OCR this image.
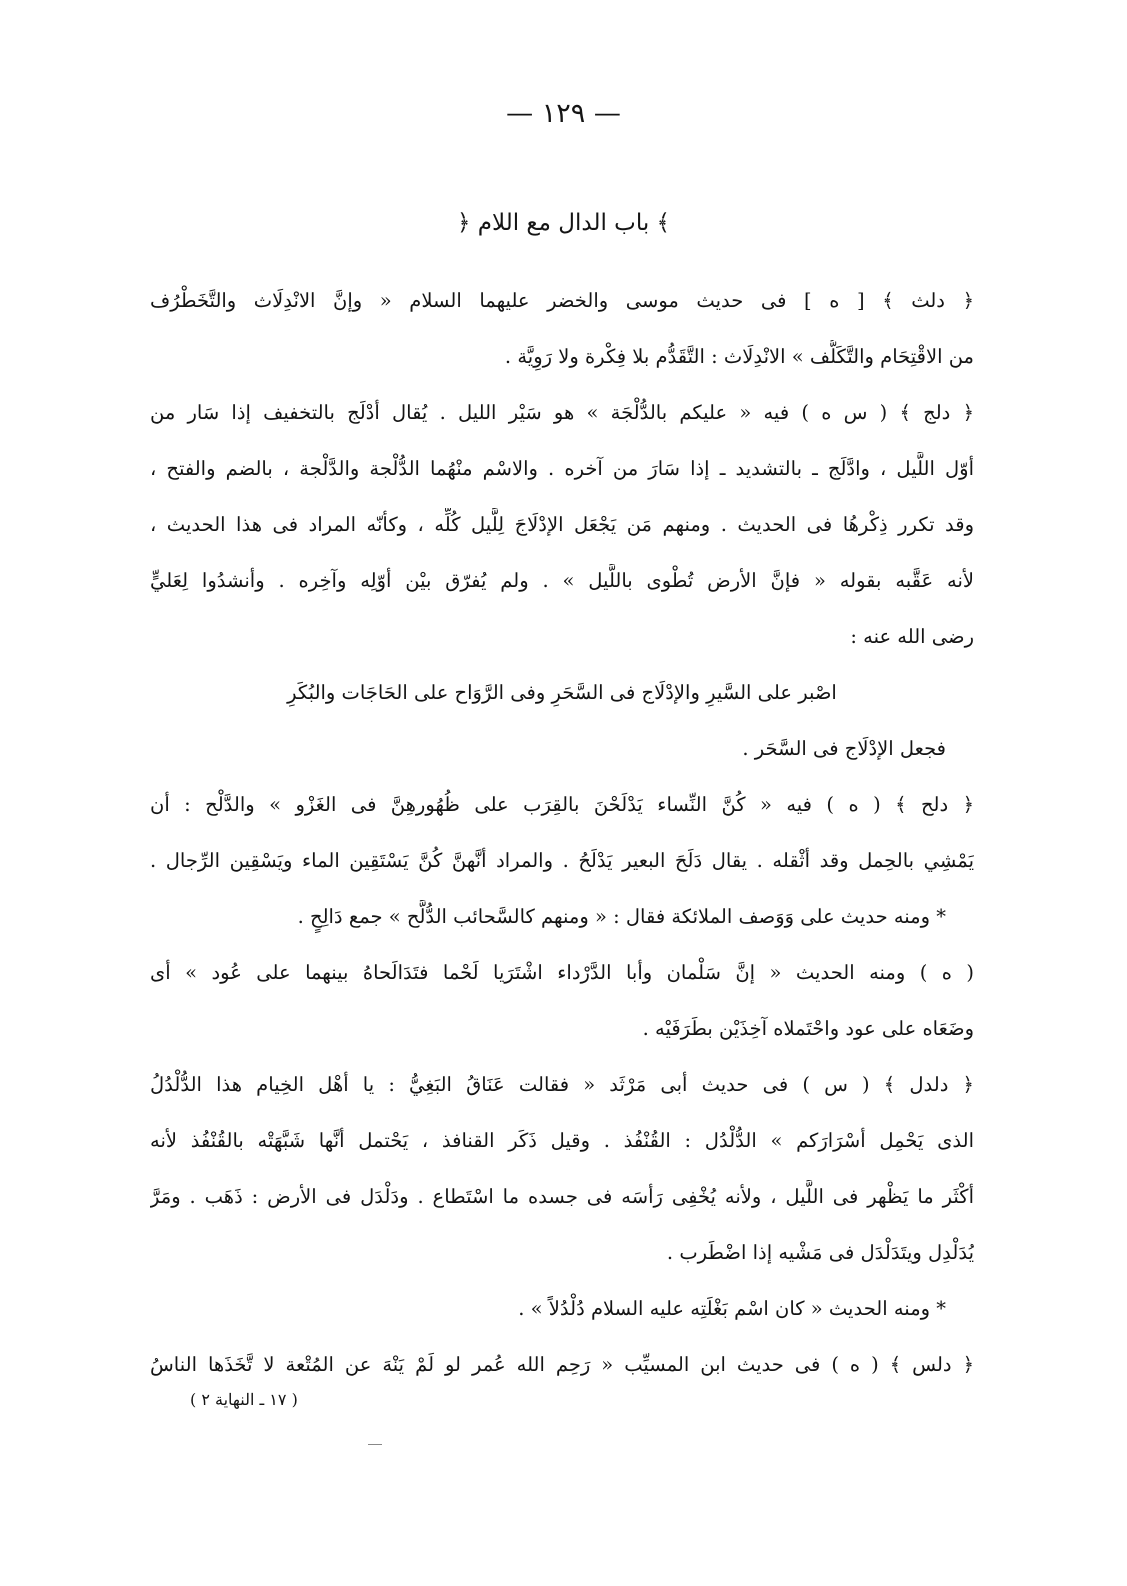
— ١٢٩ —
﴿ باب الدال مع اللام ﴾
﴿ دلث ﴾ [ ه ] فى حديث موسى والخضر عليهما السلام « وإنَّ الانْدِلَاث والتَّخَطْرُف
من الاقْتِحَام والتَّكَلُّف » الانْدِلَاث : التَّقَدُّم بلا فِكْرة ولا رَوِيَّة .
﴿ دلج ﴾ ( س ه ) فيه « عليكم بالدُّلْجَة » هو سَيْر الليل . يُقال أدْلَج بالتخفيف إذا سَار من
أوّل اللَّيل ، وادَّلَج ـ بالتشديد ـ إذا سَارَ من آخره . والاسْم منْهُما الدُّلْجة والدَّلْجة ، بالضم والفتح ،
وقد تكرر ذِكْرهُا فى الحديث . ومنهم مَن يَجْعَل الإدْلَاجَ لِلَّيل كُلِّه ، وكأنّه المراد فى هذا الحديث ،
لأنه عَقَّبه بقوله « فإنَّ الأرض تُطْوى باللَّيل » . ولم يُفرّق بيْن أوّلِه وآخِره . وأنشدُوا لِعَليٍّ
رضى الله عنه :
اصْبر على السَّيرِ والإدْلَاج فى السَّحَرِ وفى الرَّوَاح على الحَاجَات والبُكَرِ
فجعل الإدْلَاج فى السَّحَر .
﴿ دلح ﴾ ( ه ) فيه « كُنَّ النِّساء يَدْلَحْنَ بالقِرَب على ظُهُورهِنَّ فى الغَزْو » والدَّلْح : أن
يَمْشِي بالحِمل وقد أثْقله . يقال دَلَحَ البعير يَدْلَحُ . والمراد أنَّهنَّ كُنَّ يَسْتَقِين الماء ويَسْقِين الرِّجال .
* ومنه حديث على وَوَصف الملائكة فقال : « ومنهم كالسَّحائب الدُّلَّح » جمع دَالِحٍ .
( ه ) ومنه الحديث « إنَّ سَلْمان وأبا الدَّرْداء اشْتَرَيا لَحْما فتَدَالَحاهُ بينهما على عُود » أى
وضَعَاه على عود واحْتَملاه آخِذَيْن بطَرَفَيْه .
﴿ دلدل ﴾ ( س ) فى حديث أبى مَرْثَد « فقالت عَنَاقُ البَغِيُّ : يا أهْل الخِيام هذا الدُّلْدُلُ
الذى يَحْمِل أسْرَارَكم » الدُّلْدُل : القُنْفُذ . وقيل ذَكَر القنافذ ، يَحْتمل أنَّها شَبَّهَتْه بالقُنْفُذ لأنه
أكْثَر ما يَظْهر فى اللَّيل ، ولأنه يُخْفِى رَأسَه فى جسده ما اسْتَطاع . ودَلْدَل فى الأرض : ذَهَب . ومَرَّ
يُدَلْدِل ويتَدَلْدَل فى مَشْيه إذا اضْطَرب .
* ومنه الحديث « كان اسْم بَغْلَتِه عليه السلام دُلْدُلاً » .
﴿ دلس ﴾ ( ه ) فى حديث ابن المسيِّب « رَحِم الله عُمر لو لَمْ يَنْهَ عن المُتْعة لا تَّخَذَها الناسُ
( ١٧ ـ النهاية ٢ )
